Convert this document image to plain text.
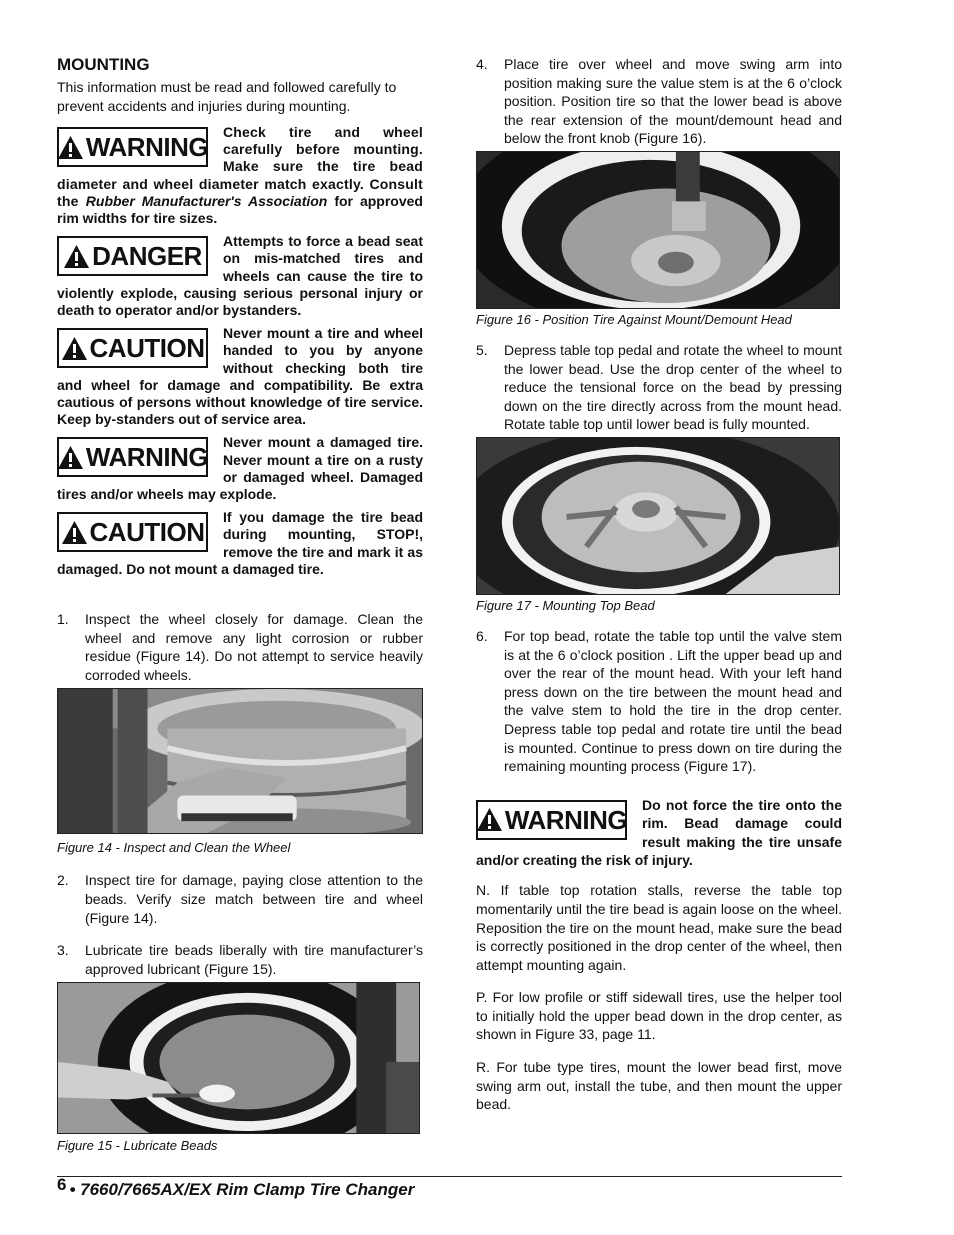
MOUNTING

This information must be read and followed carefully to prevent accidents and injuries during mounting.

WARNING Check tire and wheel carefully before mounting. Make sure the tire bead diameter and wheel diameter match exactly. Consult the Rubber Manufacturer's Association for approved rim widths for tire sizes.
DANGER Attempts to force a bead seat on mis-matched tires and wheels can cause the tire to violently explode, causing serious personal injury or death to operator and/or bystanders.
CAUTION Never mount a tire and wheel handed to you by anyone without checking both tire and wheel for damage and compatibility. Be extra cautious of persons without knowledge of tire service. Keep by-standers out of service area.
WARNING Never mount a damaged tire. Never mount a tire on a rusty or damaged wheel. Damaged tires and/or wheels may explode.
CAUTION If you damage the tire bead during mounting, STOP!, remove the tire and mark it as damaged. Do not mount a damaged tire.
1. Inspect the wheel closely for damage. Clean the wheel and remove any light corrosion or rubber residue (Figure 14). Do not attempt to service heavily corroded wheels.

Figure 14 - Inspect and Clean the Wheel

2. Inspect tire for damage, paying close attention to the beads. Verify size match between tire and wheel (Figure 14).
3. Lubricate tire beads liberally with tire manufacturer’s approved lubricant (Figure 15).

Figure 15 - Lubricate Beads

4. Place tire over wheel and move swing arm into position making sure the value stem is at the 6 o’clock position. Position tire so that the lower bead is above the rear extension of the mount/demount head and below the front knob (Figure 16).

Figure 16 - Position Tire Against Mount/Demount Head

5. Depress table top pedal and rotate the wheel to mount the lower bead. Use the drop center of the wheel to reduce the tensional force on the bead by pressing down on the tire directly across from the mount head. Rotate table top until lower bead is fully mounted.

Figure 17 - Mounting Top Bead

6. For top bead, rotate the table top until the valve stem is at the 6 o’clock position . Lift the upper bead up and over the rear of the mount head. With your left hand press down on the tire between the mount head and the valve stem to hold the tire in the drop center. Depress table top pedal and rotate tire until the bead is mounted. Continue to press down on tire during the remaining mounting process (Figure 17).
WARNING Do not force the tire onto the rim. Bead damage could result making the tire unsafe and/or creating the risk of injury.

N. If table top rotation stalls, reverse the table top momentarily until the tire bead is again loose on the wheel. Reposition the tire on the mount head, make sure the bead is correctly positioned in the drop center of the wheel, then attempt mounting again.

P. For low profile or stiff sidewall tires, use the helper tool to initially hold the upper bead down in the drop center, as shown in Figure 33, page 11.

R. For tube type tires, mount the lower bead first, move swing arm out, install the tube, and then mount the upper bead.

6 • 7660/7665AX/EX Rim Clamp Tire Changer
